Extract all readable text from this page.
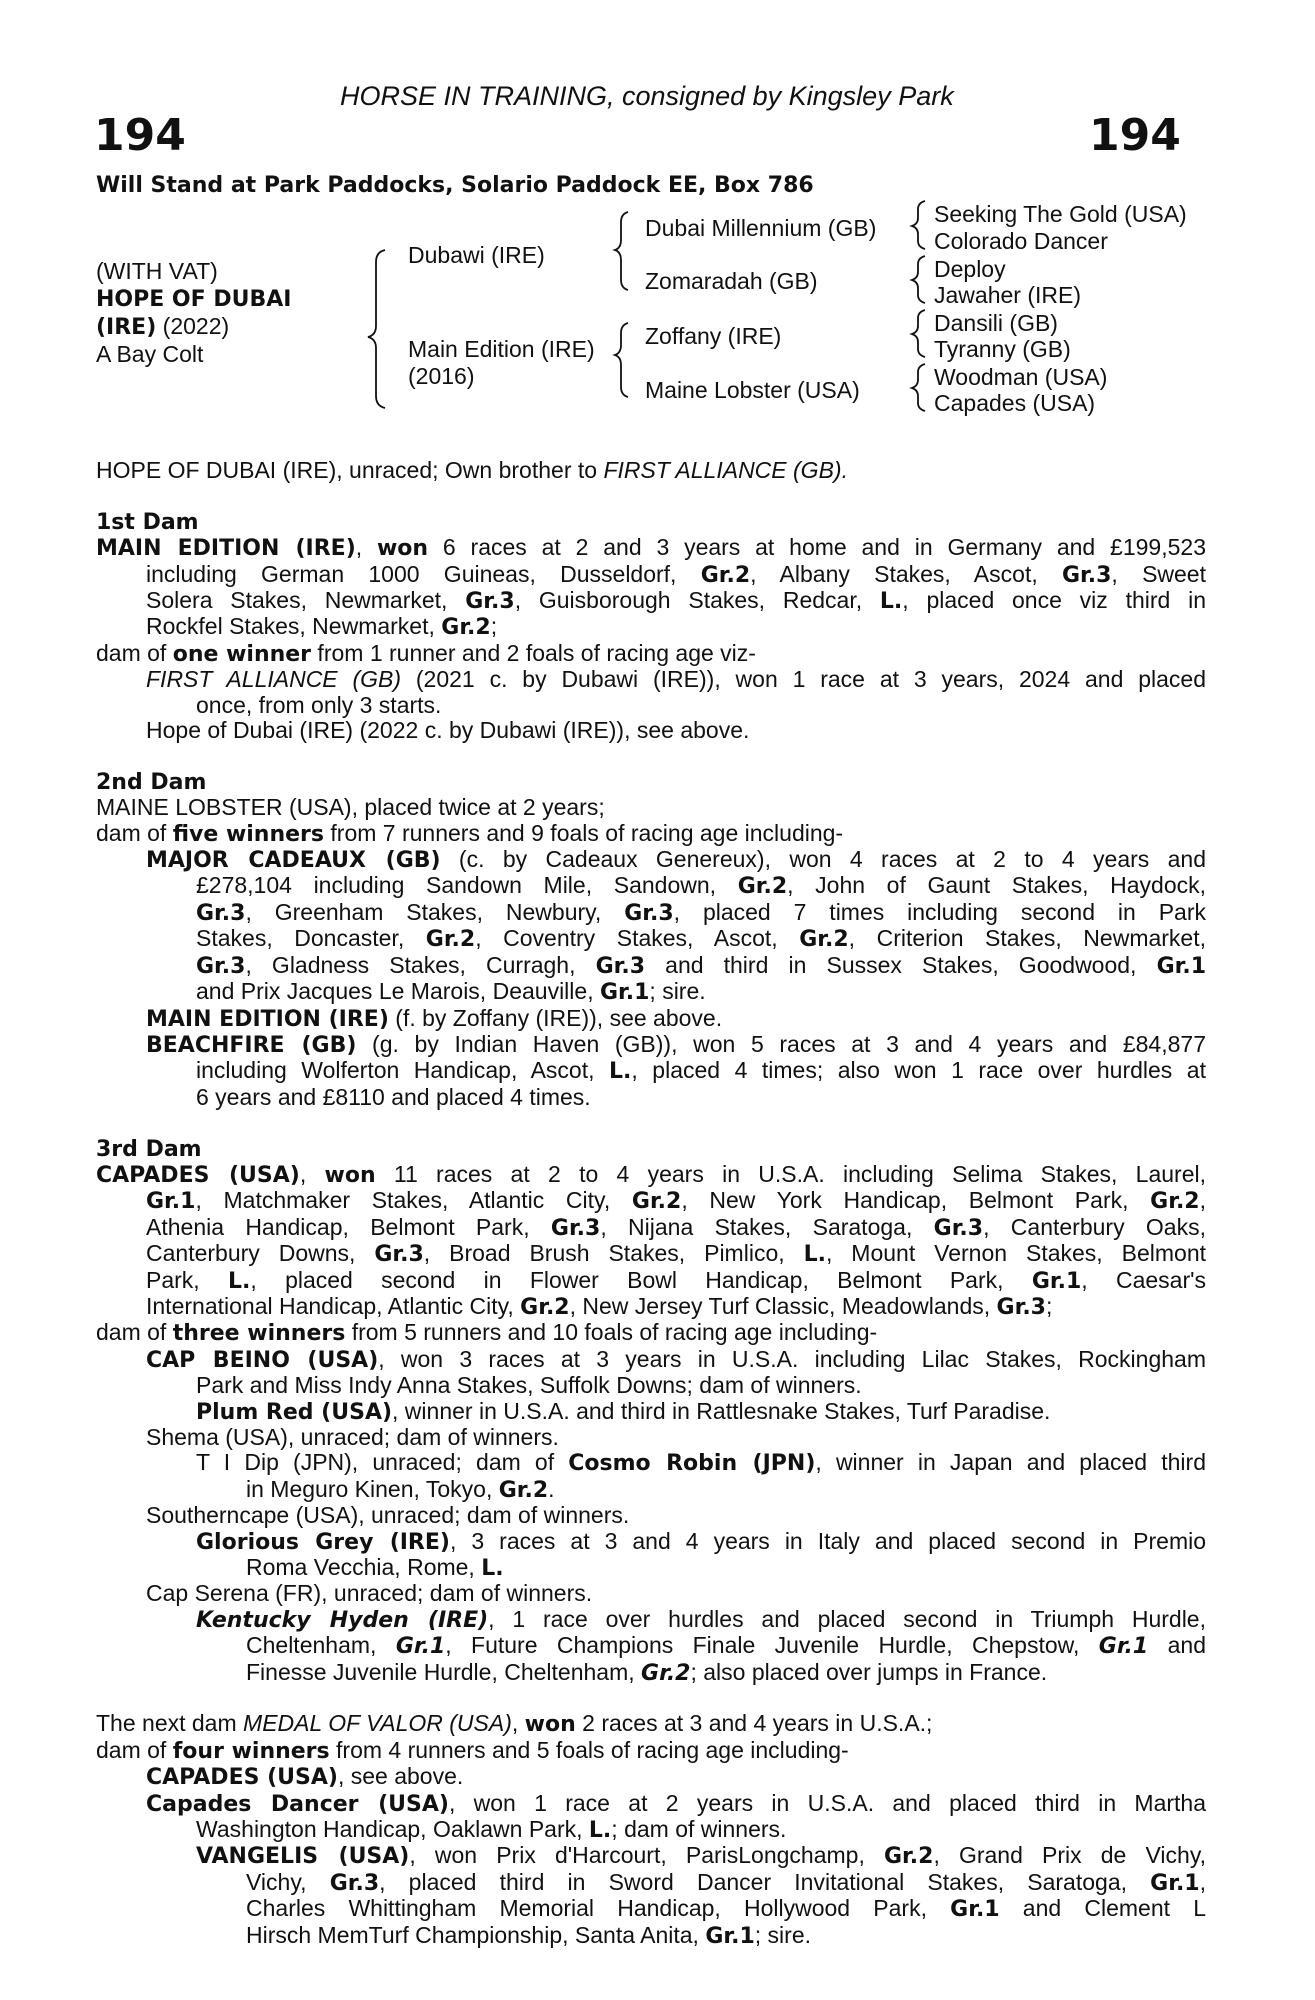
HORSE IN TRAINING, consigned by Kingsley Park
194	194
Will Stand at Park Paddocks, Solario Paddock EE, Box 786
(WITH VAT)
HOPE OF DUBAI
(IRE) (2022)
A Bay Colt
Dubawi (IRE)
Main Edition (IRE)
(2016)
Dubai Millennium (GB)
Zomaradah (GB)
Zoffany (IRE)
Maine Lobster (USA)
Seeking The Gold (USA)
Colorado Dancer
Deploy
Jawaher (IRE)
Dansili (GB)
Tyranny (GB)
Woodman (USA)
Capades (USA)
HOPE OF DUBAI (IRE), unraced; Own brother to FIRST ALLIANCE (GB).
1st Dam
MAIN EDITION (IRE), won 6 races at 2 and 3 years at home and in Germany and £199,523
including German 1000 Guineas, Dusseldorf, Gr.2, Albany Stakes, Ascot, Gr.3, Sweet
Solera Stakes, Newmarket, Gr.3, Guisborough Stakes, Redcar, L., placed once viz third in
Rockfel Stakes, Newmarket, Gr.2;
dam of one winner from 1 runner and 2 foals of racing age viz-
FIRST ALLIANCE (GB) (2021 c. by Dubawi (IRE)), won 1 race at 3 years, 2024 and placed
once, from only 3 starts.
Hope of Dubai (IRE) (2022 c. by Dubawi (IRE)), see above.
2nd Dam
MAINE LOBSTER (USA), placed twice at 2 years;
dam of five winners from 7 runners and 9 foals of racing age including-
MAJOR CADEAUX (GB) (c. by Cadeaux Genereux), won 4 races at 2 to 4 years and
£278,104 including Sandown Mile, Sandown, Gr.2, John of Gaunt Stakes, Haydock,
Gr.3, Greenham Stakes, Newbury, Gr.3, placed 7 times including second in Park
Stakes, Doncaster, Gr.2, Coventry Stakes, Ascot, Gr.2, Criterion Stakes, Newmarket,
Gr.3, Gladness Stakes, Curragh, Gr.3 and third in Sussex Stakes, Goodwood, Gr.1
and Prix Jacques Le Marois, Deauville, Gr.1; sire.
MAIN EDITION (IRE) (f. by Zoffany (IRE)), see above.
BEACHFIRE (GB) (g. by Indian Haven (GB)), won 5 races at 3 and 4 years and £84,877
including Wolferton Handicap, Ascot, L., placed 4 times; also won 1 race over hurdles at
6 years and £8110 and placed 4 times.
3rd Dam
CAPADES (USA), won 11 races at 2 to 4 years in U.S.A. including Selima Stakes, Laurel,
Gr.1, Matchmaker Stakes, Atlantic City, Gr.2, New York Handicap, Belmont Park, Gr.2,
Athenia Handicap, Belmont Park, Gr.3, Nijana Stakes, Saratoga, Gr.3, Canterbury Oaks,
Canterbury Downs, Gr.3, Broad Brush Stakes, Pimlico, L., Mount Vernon Stakes, Belmont
Park, L., placed second in Flower Bowl Handicap, Belmont Park, Gr.1, Caesar's
International Handicap, Atlantic City, Gr.2, New Jersey Turf Classic, Meadowlands, Gr.3;
dam of three winners from 5 runners and 10 foals of racing age including-
CAP BEINO (USA), won 3 races at 3 years in U.S.A. including Lilac Stakes, Rockingham
Park and Miss Indy Anna Stakes, Suffolk Downs; dam of winners.
Plum Red (USA), winner in U.S.A. and third in Rattlesnake Stakes, Turf Paradise.
Shema (USA), unraced; dam of winners.
T I Dip (JPN), unraced; dam of Cosmo Robin (JPN), winner in Japan and placed third
in Meguro Kinen, Tokyo, Gr.2.
Southerncape (USA), unraced; dam of winners.
Glorious Grey (IRE), 3 races at 3 and 4 years in Italy and placed second in Premio
Roma Vecchia, Rome, L.
Cap Serena (FR), unraced; dam of winners.
Kentucky Hyden (IRE), 1 race over hurdles and placed second in Triumph Hurdle,
Cheltenham, Gr.1, Future Champions Finale Juvenile Hurdle, Chepstow, Gr.1 and
Finesse Juvenile Hurdle, Cheltenham, Gr.2; also placed over jumps in France.
The next dam MEDAL OF VALOR (USA), won 2 races at 3 and 4 years in U.S.A.;
dam of four winners from 4 runners and 5 foals of racing age including-
CAPADES (USA), see above.
Capades Dancer (USA), won 1 race at 2 years in U.S.A. and placed third in Martha
Washington Handicap, Oaklawn Park, L.; dam of winners.
VANGELIS (USA), won Prix d'Harcourt, ParisLongchamp, Gr.2, Grand Prix de Vichy,
Vichy, Gr.3, placed third in Sword Dancer Invitational Stakes, Saratoga, Gr.1,
Charles Whittingham Memorial Handicap, Hollywood Park, Gr.1 and Clement L
Hirsch MemTurf Championship, Santa Anita, Gr.1; sire.
